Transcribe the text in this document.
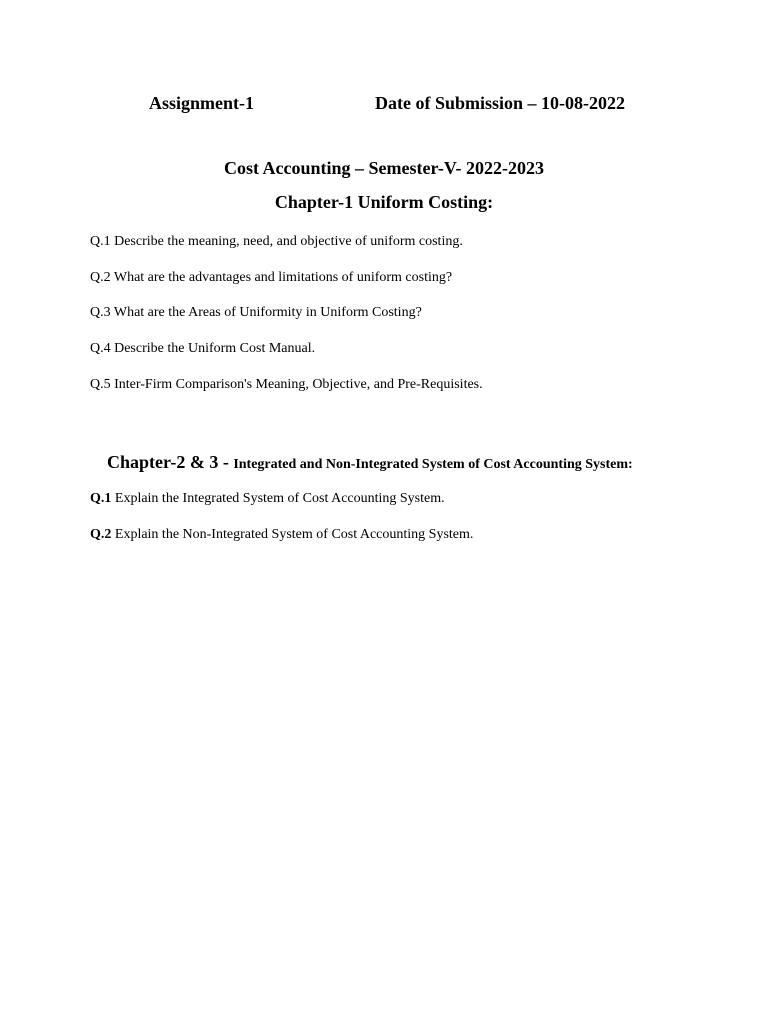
Assignment-1	Date of Submission – 10-08-2022
Cost Accounting – Semester-V- 2022-2023
Chapter-1 Uniform Costing:
Q.1 Describe the meaning, need, and objective of uniform costing.
Q.2 What are the advantages and limitations of uniform costing?
Q.3 What are the Areas of Uniformity in Uniform Costing?
Q.4 Describe the Uniform Cost Manual.
Q.5 Inter-Firm Comparison's Meaning, Objective, and Pre-Requisites.
Chapter-2 & 3 - Integrated and Non-Integrated System of Cost Accounting System:
Q.1 Explain the Integrated System of Cost Accounting System.
Q.2 Explain the Non-Integrated System of Cost Accounting System.
